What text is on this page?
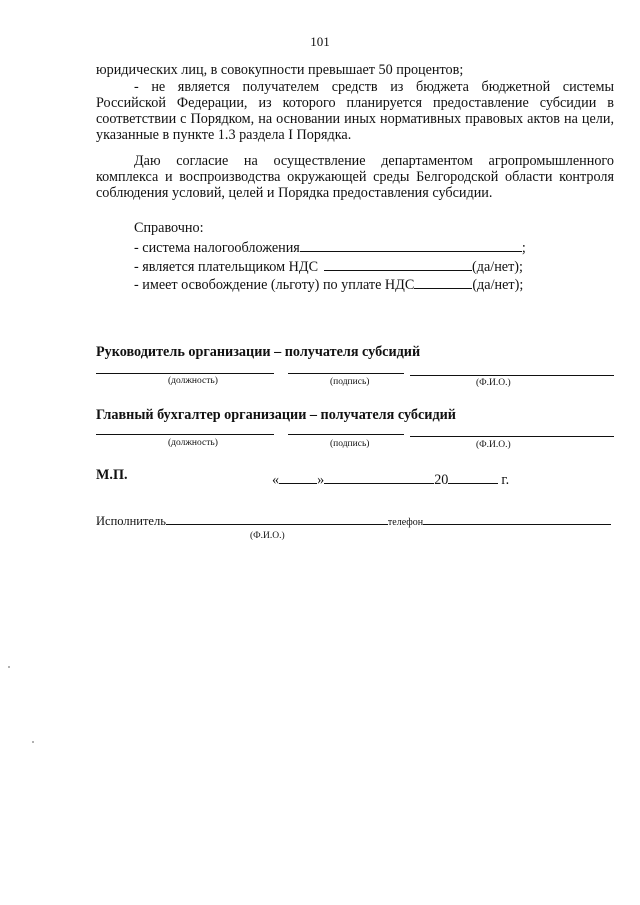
101
юридических лиц, в совокупности превышает 50 процентов;
- не является получателем средств из бюджета бюджетной системы Российской Федерации, из которого планируется предоставление субсидии в соответствии с Порядком, на основании иных нормативных правовых актов на цели, указанные в пункте 1.3 раздела I Порядка.
Даю согласие на осуществление департаментом агропромышленного комплекса и воспроизводства окружающей среды Белгородской области контроля соблюдения условий, целей и Порядка предоставления субсидии.
Справочно:
- система налогообложения	;
- является плательщиком НДС	(да/нет);
- имеет освобождение (льготу) по уплате НДС	(да/нет);
Руководитель организации – получателя субсидий
(должность)	(подпись)	(Ф.И.О.)
Главный бухгалтер организации – получателя субсидий
(должность)	(подпись)	(Ф.И.О.)
М.П.	«	»	20	г.
Исполнитель	телефон
(Ф.И.О.)
